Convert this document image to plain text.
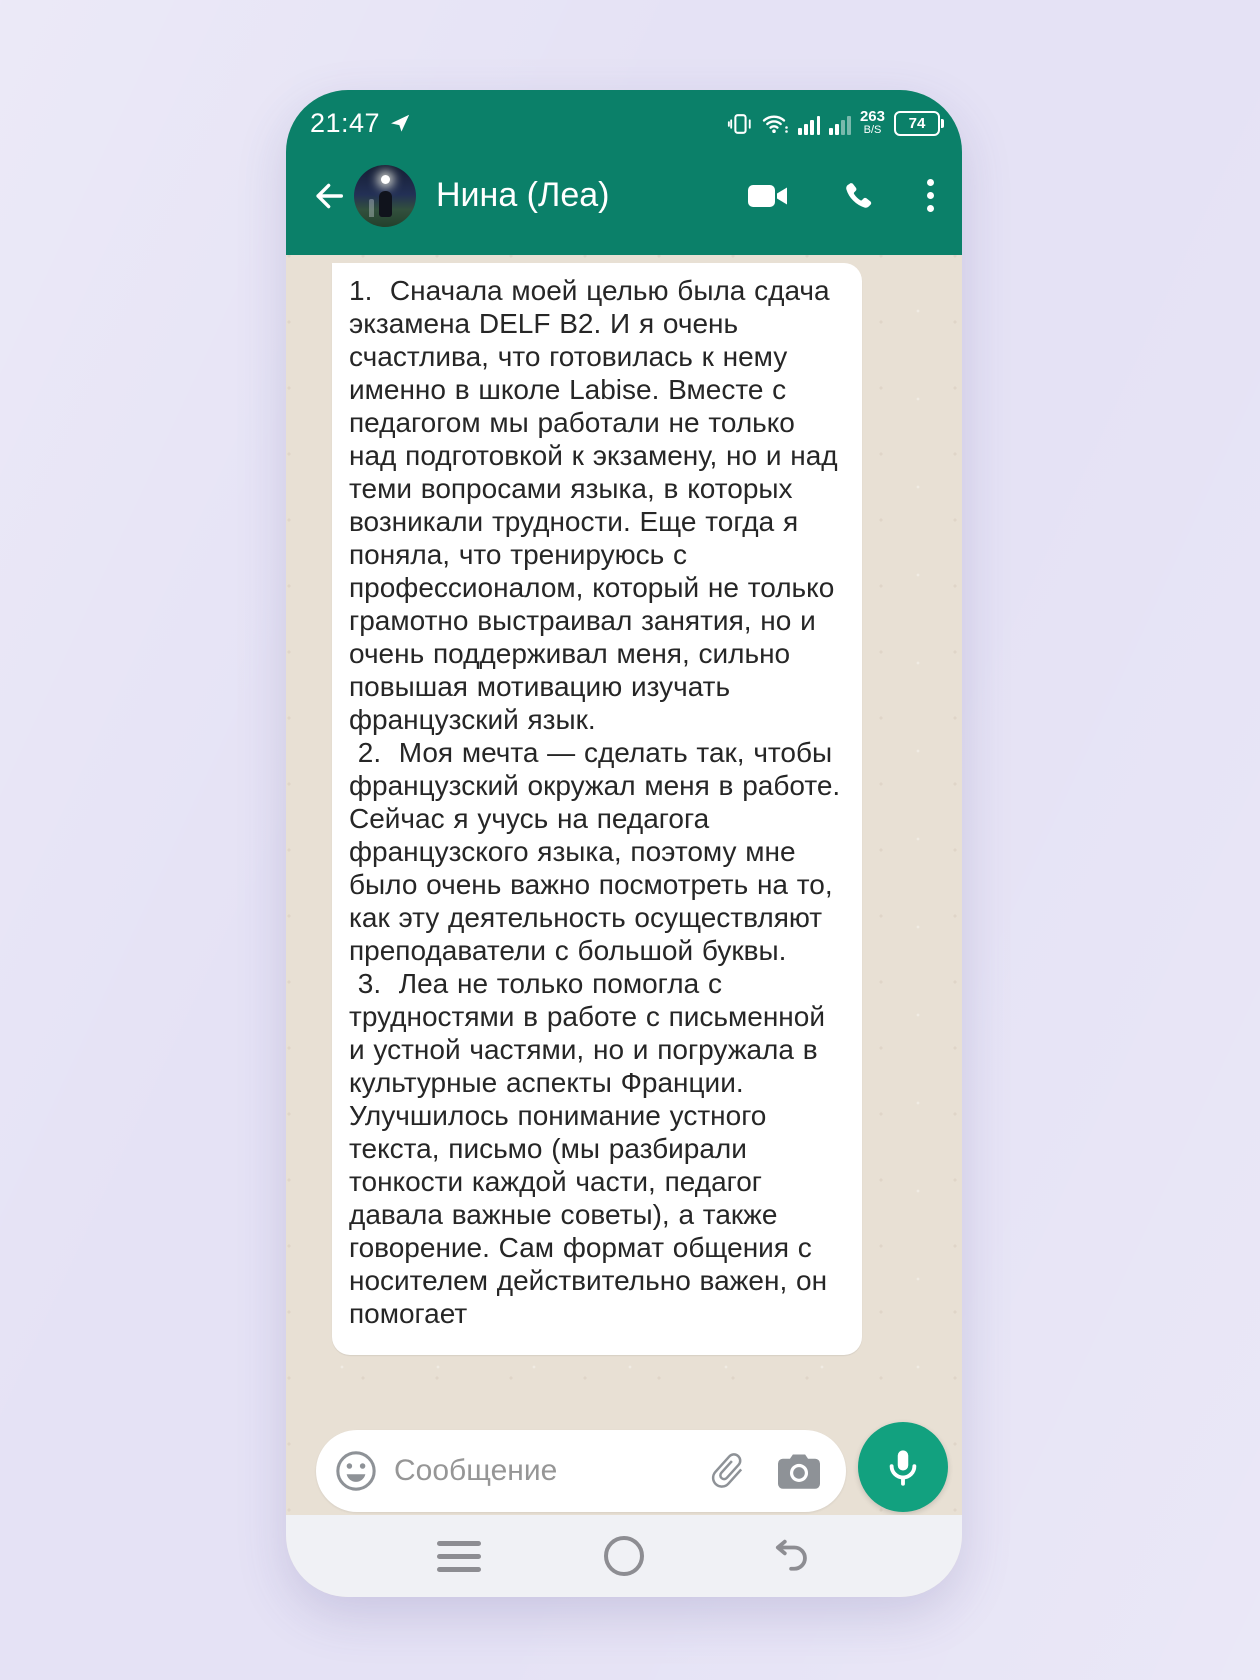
21:47	263
B/S 74
Нина (Леа)

1.  Сначала моей целью была сдача экзамена DELF B2. И я очень счастлива, что готовилась к нему именно в школе Labise. Вместе с педагогом мы работали не только над подготовкой к экзамену, но и над теми вопросами языка, в которых возникали трудности. Еще тогда я поняла, что тренируюсь с профессионалом, который не только грамотно выстраивал занятия, но и очень поддерживал меня, сильно повышая мотивацию изучать французский язык.

2.  Моя мечта — сделать так, чтобы французский окружал меня в работе. Сейчас я учусь на педагога французского языка, поэтому мне было очень важно посмотреть на то, как эту деятельность осуществляют преподаватели с большой буквы.

3.  Леа не только помогла с трудностями в работе с письменной и устной частями, но и погружала в культурные аспекты Франции. Улучшилось понимание устного текста, письмо (мы разбирали тонкости каждой части, педагог давала важные советы), а также говорение. Сам формат общения с носителем действительно важен, он помогает

Сообщение
